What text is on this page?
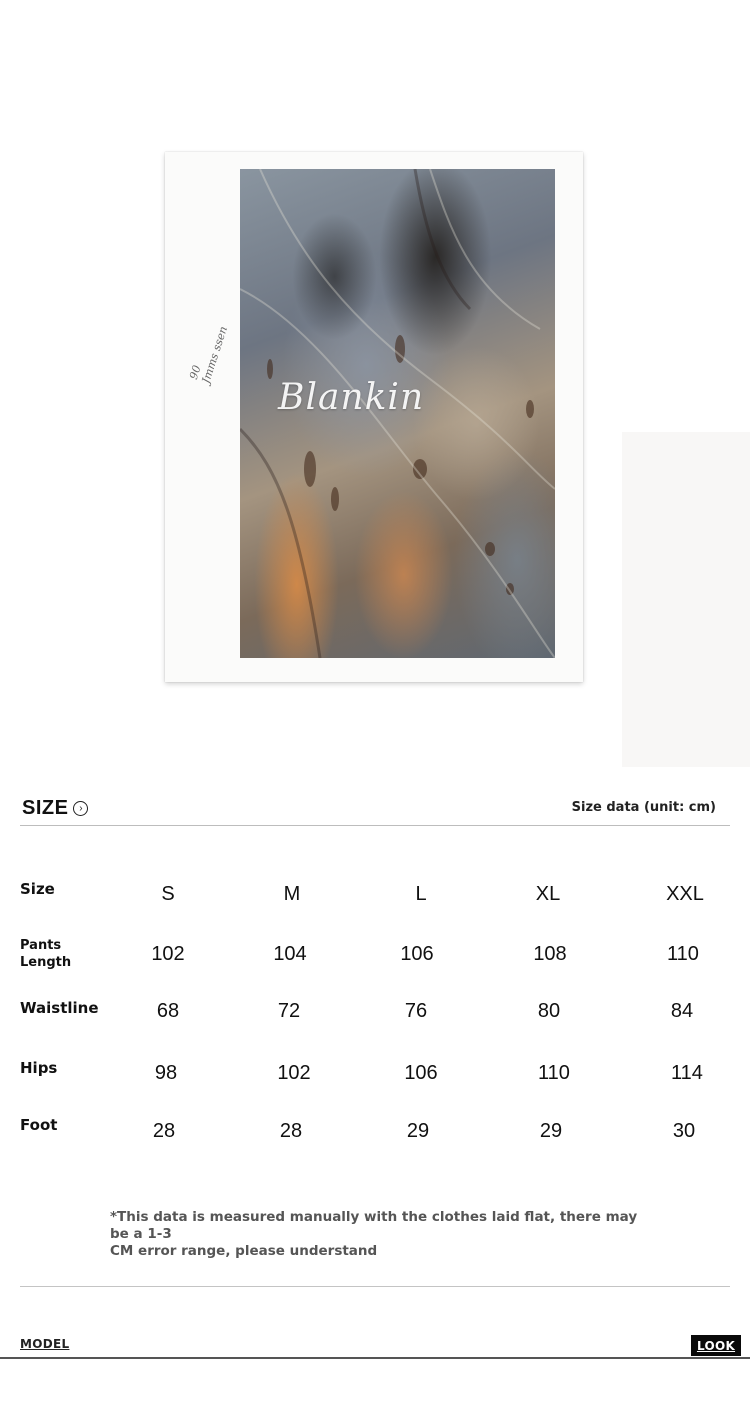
90
Jmms ssen
Blankin
SIZE	›	Size data (unit: cm)
Size	S	M	L	XL	XXL
Pants
Length	102	104	106	108	110
Waistline	68	72	76	80	84
Hips	98	102	106	110	114
Foot	28	28	29	29	30
*This data is measured manually with the clothes laid flat, there may be a 1-3
CM error range, please understand
MODEL	LOOK
